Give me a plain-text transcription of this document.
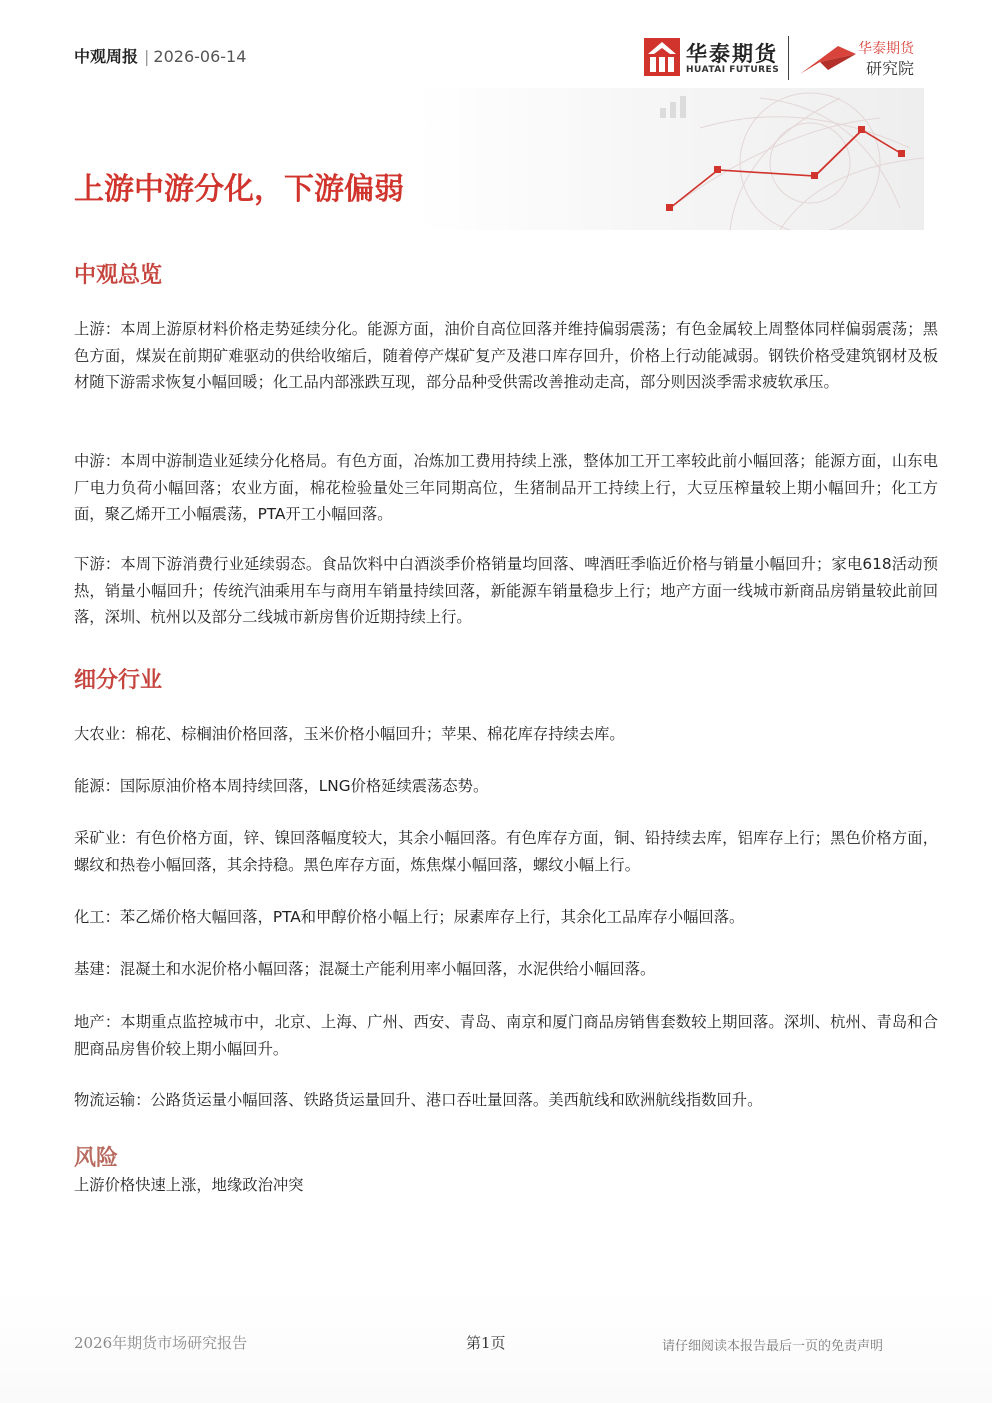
中观周报 | 2026-06-14	华泰期货
HUATAI FUTURES
华泰期货
研究院
上游中游分化，下游偏弱
中观总览
上游：本周上游原材料价格走势延续分化。能源方面，油价自高位回落并维持偏弱震荡；有色金属较上周整体同样偏弱震荡；黑色方面，煤炭在前期矿难驱动的供给收缩后，随着停产煤矿复产及港口库存回升，价格上行动能减弱。钢铁价格受建筑钢材及板材随下游需求恢复小幅回暖；化工品内部涨跌互现，部分品种受供需改善推动走高，部分则因淡季需求疲软承压。
中游：本周中游制造业延续分化格局。有色方面，冶炼加工费用持续上涨，整体加工开工率较此前小幅回落；能源方面，山东电厂电力负荷小幅回落；农业方面，棉花检验量处三年同期高位，生猪制品开工持续上行，大豆压榨量较上期小幅回升；化工方面，聚乙烯开工小幅震荡，PTA开工小幅回落。
下游：本周下游消费行业延续弱态。食品饮料中白酒淡季价格销量均回落、啤酒旺季临近价格与销量小幅回升；家电618活动预热，销量小幅回升；传统汽油乘用车与商用车销量持续回落，新能源车销量稳步上行；地产方面一线城市新商品房销量较此前回落，深圳、杭州以及部分二线城市新房售价近期持续上行。
细分行业
大农业：棉花、棕榈油价格回落，玉米价格小幅回升；苹果、棉花库存持续去库。
能源：国际原油价格本周持续回落，LNG价格延续震荡态势。
采矿业：有色价格方面，锌、镍回落幅度较大，其余小幅回落。有色库存方面，铜、铅持续去库，铝库存上行；黑色价格方面，螺纹和热卷小幅回落，其余持稳。黑色库存方面，炼焦煤小幅回落，螺纹小幅上行。
化工：苯乙烯价格大幅回落，PTA和甲醇价格小幅上行；尿素库存上行，其余化工品库存小幅回落。
基建：混凝土和水泥价格小幅回落；混凝土产能利用率小幅回落，水泥供给小幅回落。
地产：本期重点监控城市中，北京、上海、广州、西安、青岛、南京和厦门商品房销售套数较上期回落。深圳、杭州、青岛和合肥商品房售价较上期小幅回升。
物流运输：公路货运量小幅回落、铁路货运量回升、港口吞吐量回落。美西航线和欧洲航线指数回升。
风险
上游价格快速上涨，地缘政治冲突
2026年期货市场研究报告	第1页	请仔细阅读本报告最后一页的免责声明
